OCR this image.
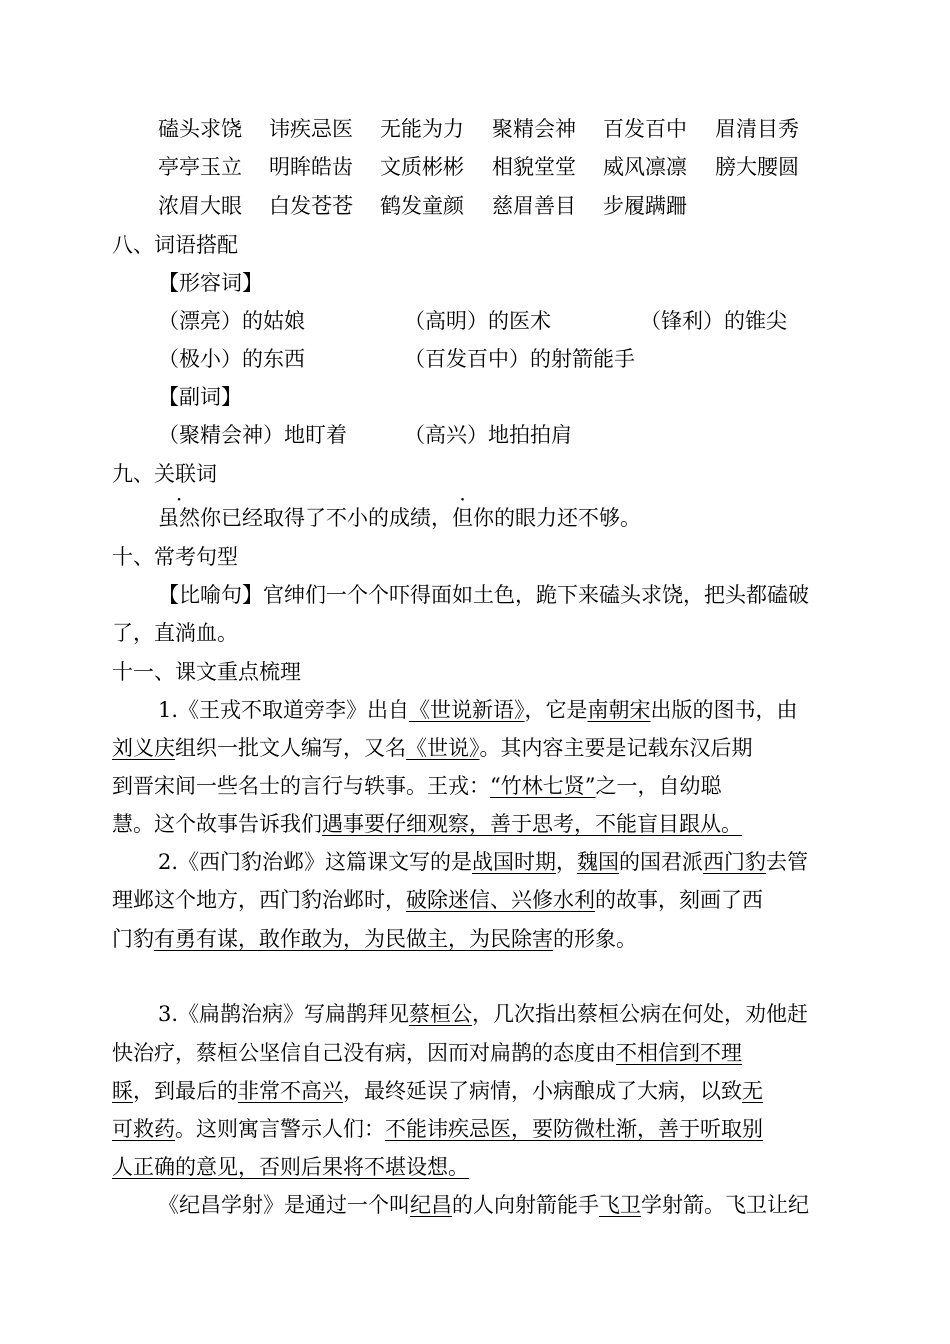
磕头求饶 讳疾忌医 无能为力 聚精会神 百发百中 眉清目秀
亭亭玉立 明眸皓齿 文质彬彬 相貌堂堂 威风凛凛 膀大腰圆
浓眉大眼 白发苍苍 鹤发童颜 慈眉善目 步履蹒跚
八、词语搭配
【形容词】
（漂亮）的姑娘	（高明）的医术	（锋利）的锥尖
（极小）的东西	（百发百中）的射箭能手
【副词】
（聚精会神）地盯着	（高兴）地拍拍肩
九、关联词
虽然你已经取得了不小的成绩，但你的眼力还不够。
十、常考句型
【比喻句】官绅们一个个吓得面如土色，跪下来磕头求饶，把头都磕破
了，直淌血。
十一、课文重点梳理
1.《王戎不取道旁李》出自《世说新语》，它是南朝宋出版的图书，由
刘义庆组织一批文人编写，又名《世说》。其内容主要是记载东汉后期
到晋宋间一些名士的言行与轶事。王戎：“竹林七贤”之一，自幼聪
慧。这个故事告诉我们遇事要仔细观察，善于思考，不能盲目跟从。
2.《西门豹治邺》这篇课文写的是战国时期，魏国的国君派西门豹去管
理邺这个地方，西门豹治邺时，破除迷信、兴修水利的故事，刻画了西
门豹有勇有谋，敢作敢为，为民做主，为民除害的形象。
3.《扁鹊治病》写扁鹊拜见蔡桓公，几次指出蔡桓公病在何处，劝他赶
快治疗，蔡桓公坚信自己没有病，因而对扁鹊的态度由不相信到不理
睬，到最后的非常不高兴，最终延误了病情，小病酿成了大病，以致无
可救药。这则寓言警示人们：不能讳疾忌医，要防微杜渐，善于听取别
人正确的意见，否则后果将不堪设想。
《纪昌学射》是通过一个叫纪昌的人向射箭能手飞卫学射箭。飞卫让纪
